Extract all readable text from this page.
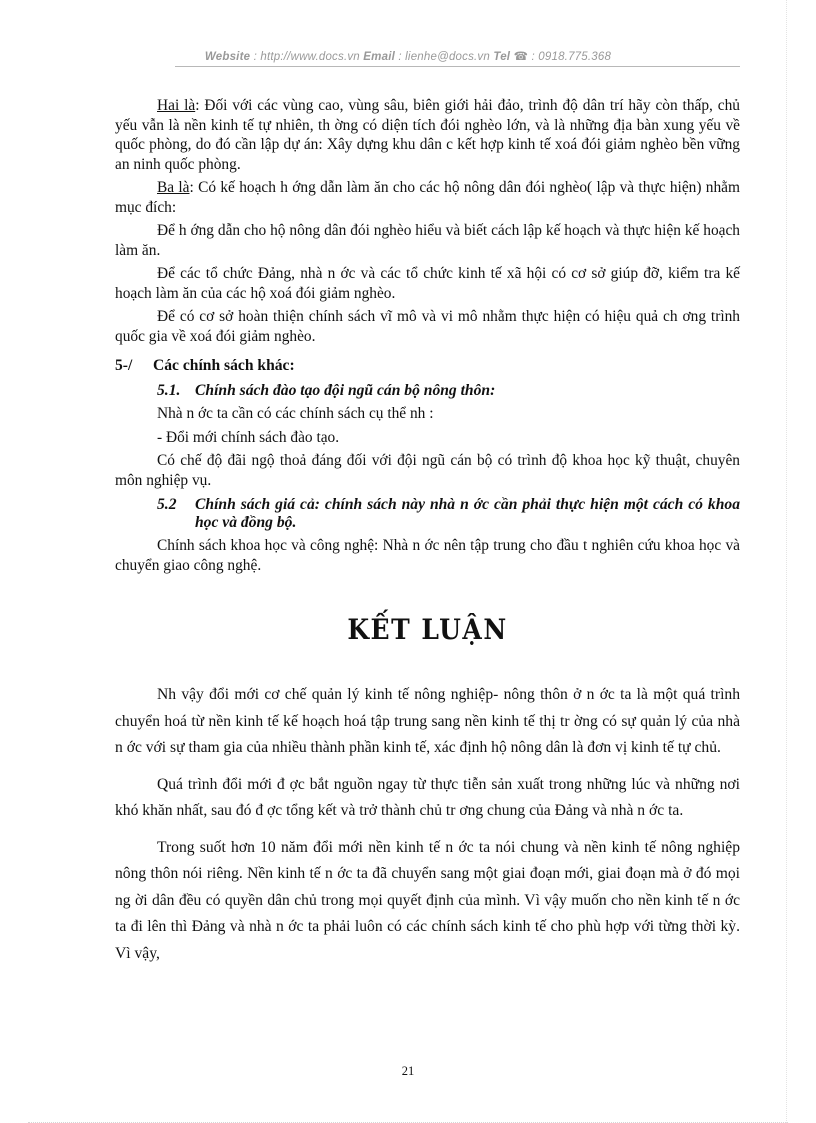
Website : http://www.docs.vn Email : lienhe@docs.vn Tel ☎ : 0918.775.368

Hai là: Đối với các vùng cao, vùng sâu, biên giới hải đảo, trình độ dân trí hãy còn thấp, chủ yếu vẫn là nền kinh tế tự nhiên, th ờng có diện tích đói nghèo lớn, và là những địa bàn xung yếu về quốc phòng, do đó cần lập dự án: Xây dựng khu dân c kết hợp kinh tế xoá đói giảm nghèo bền vững an ninh quốc phòng.

Ba là: Có kế hoạch h ớng dẫn làm ăn cho các hộ nông dân đói nghèo( lập và thực hiện) nhằm mục đích:

Để h ớng dẫn cho hộ nông dân đói nghèo hiểu và biết cách lập kế hoạch và thực hiện kế hoạch làm ăn.

Để các tổ chức Đảng, nhà n ớc và các tổ chức kinh tế xã hội có cơ sở giúp đỡ, kiểm tra kế hoạch làm ăn của các hộ xoá đói giảm nghèo.

Để có cơ sở hoàn thiện chính sách vĩ mô và vi mô nhằm thực hiện có hiệu quả ch ơng trình quốc gia về xoá đói giảm nghèo.

5-/ Các chính sách khác:

5.1. Chính sách đào tạo đội ngũ cán bộ nông thôn:

Nhà n ớc ta cần có các chính sách cụ thể nh :

- Đổi mới chính sách đào tạo.

Có chế độ đãi ngộ thoả đáng đối với đội ngũ cán bộ có trình độ khoa học kỹ thuật, chuyên môn nghiệp vụ.

5.2	Chính sách giá cả: chính sách này nhà n ớc cần phải thực hiện một cách có khoa học và đồng bộ.

Chính sách khoa học và công nghệ: Nhà n ớc nên tập trung cho đầu t nghiên cứu khoa học và chuyển giao công nghệ.

KẾT LUẬN

Nh vậy đổi mới cơ chế quản lý kinh tế nông nghiệp- nông thôn ở n ớc ta là một quá trình chuyển hoá từ nền kinh tế kế hoạch hoá tập trung sang nền kinh tế thị tr ờng có sự quản lý của nhà n ớc với sự tham gia của nhiều thành phần kinh tế, xác định hộ nông dân là đơn vị kinh tế tự chủ.

Quá trình đổi mới đ ợc bắt nguồn ngay từ thực tiễn sản xuất trong những lúc và những nơi khó khăn nhất, sau đó đ ợc tổng kết và trở thành chủ tr ơng chung của Đảng và nhà n ớc ta.

Trong suốt hơn 10 năm đổi mới nền kinh tế n ớc ta nói chung và nền kinh tế nông nghiệp nông thôn nói riêng. Nền kinh tế n ớc ta đã chuyển sang một giai đoạn mới, giai đoạn mà ở đó mọi ng ời dân đều có quyền dân chủ trong mọi quyết định của mình. Vì vậy muốn cho nền kinh tế n ớc ta đi lên thì Đảng và nhà n ớc ta phải luôn có các chính sách kinh tế cho phù hợp với từng thời kỳ. Vì vậy,

21
